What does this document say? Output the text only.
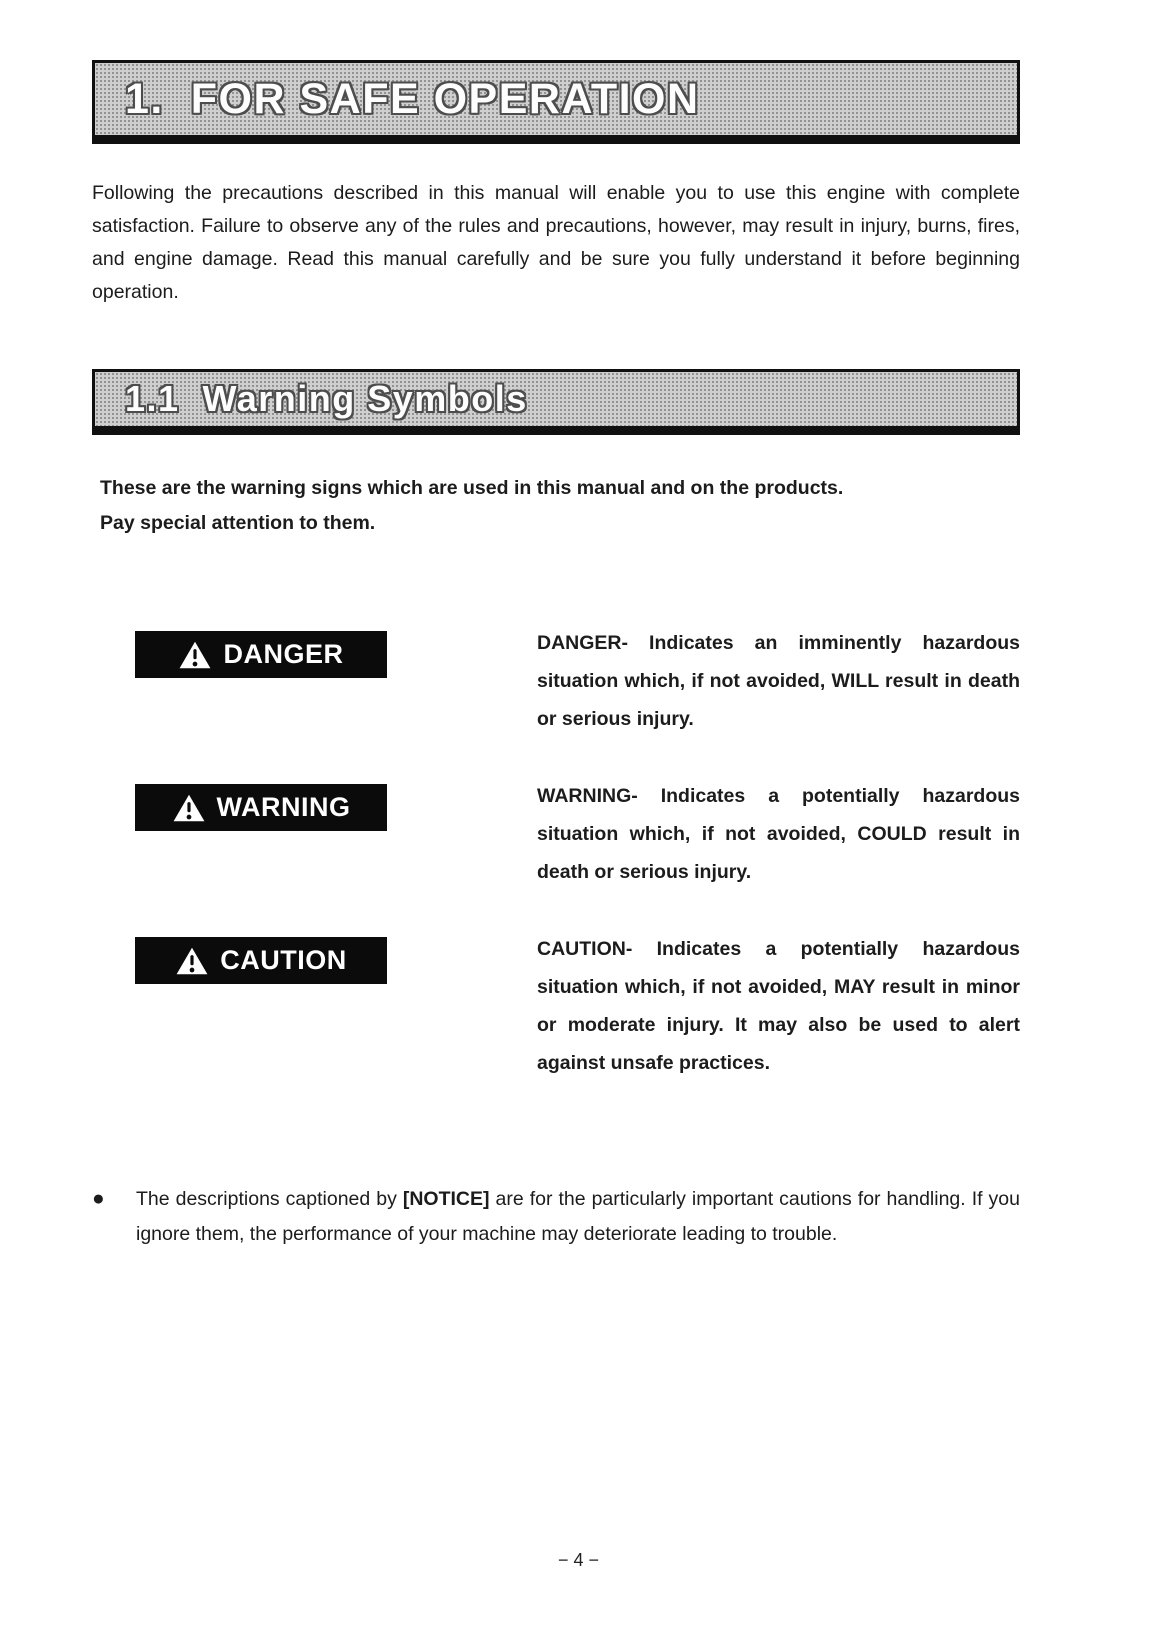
1.  FOR SAFE OPERATION

Following the precautions described in this manual will enable you to use this engine with complete satisfaction. Failure to observe any of the rules and precautions, however, may result in injury, burns, fires, and engine damage. Read this manual carefully and be sure you fully understand it before beginning operation.

1.1  Warning Symbols
These are the warning signs which are used in this manual and on the products.
Pay special attention to them.
DANGER	DANGER- Indicates an imminently hazardous situation which, if not avoided, WILL result in death or serious injury.

WARNING	WARNING- Indicates a potentially hazardous situation which, if not avoided, COULD result in death or serious injury.

CAUTION	CAUTION- Indicates a potentially hazardous situation which, if not avoided, MAY result in minor or moderate injury. It may also be used to alert against unsafe practices.

●	The descriptions captioned by [NOTICE] are for the particularly important cautions for handling. If you ignore them, the performance of your machine may deteriorate leading to trouble.

− 4 −
